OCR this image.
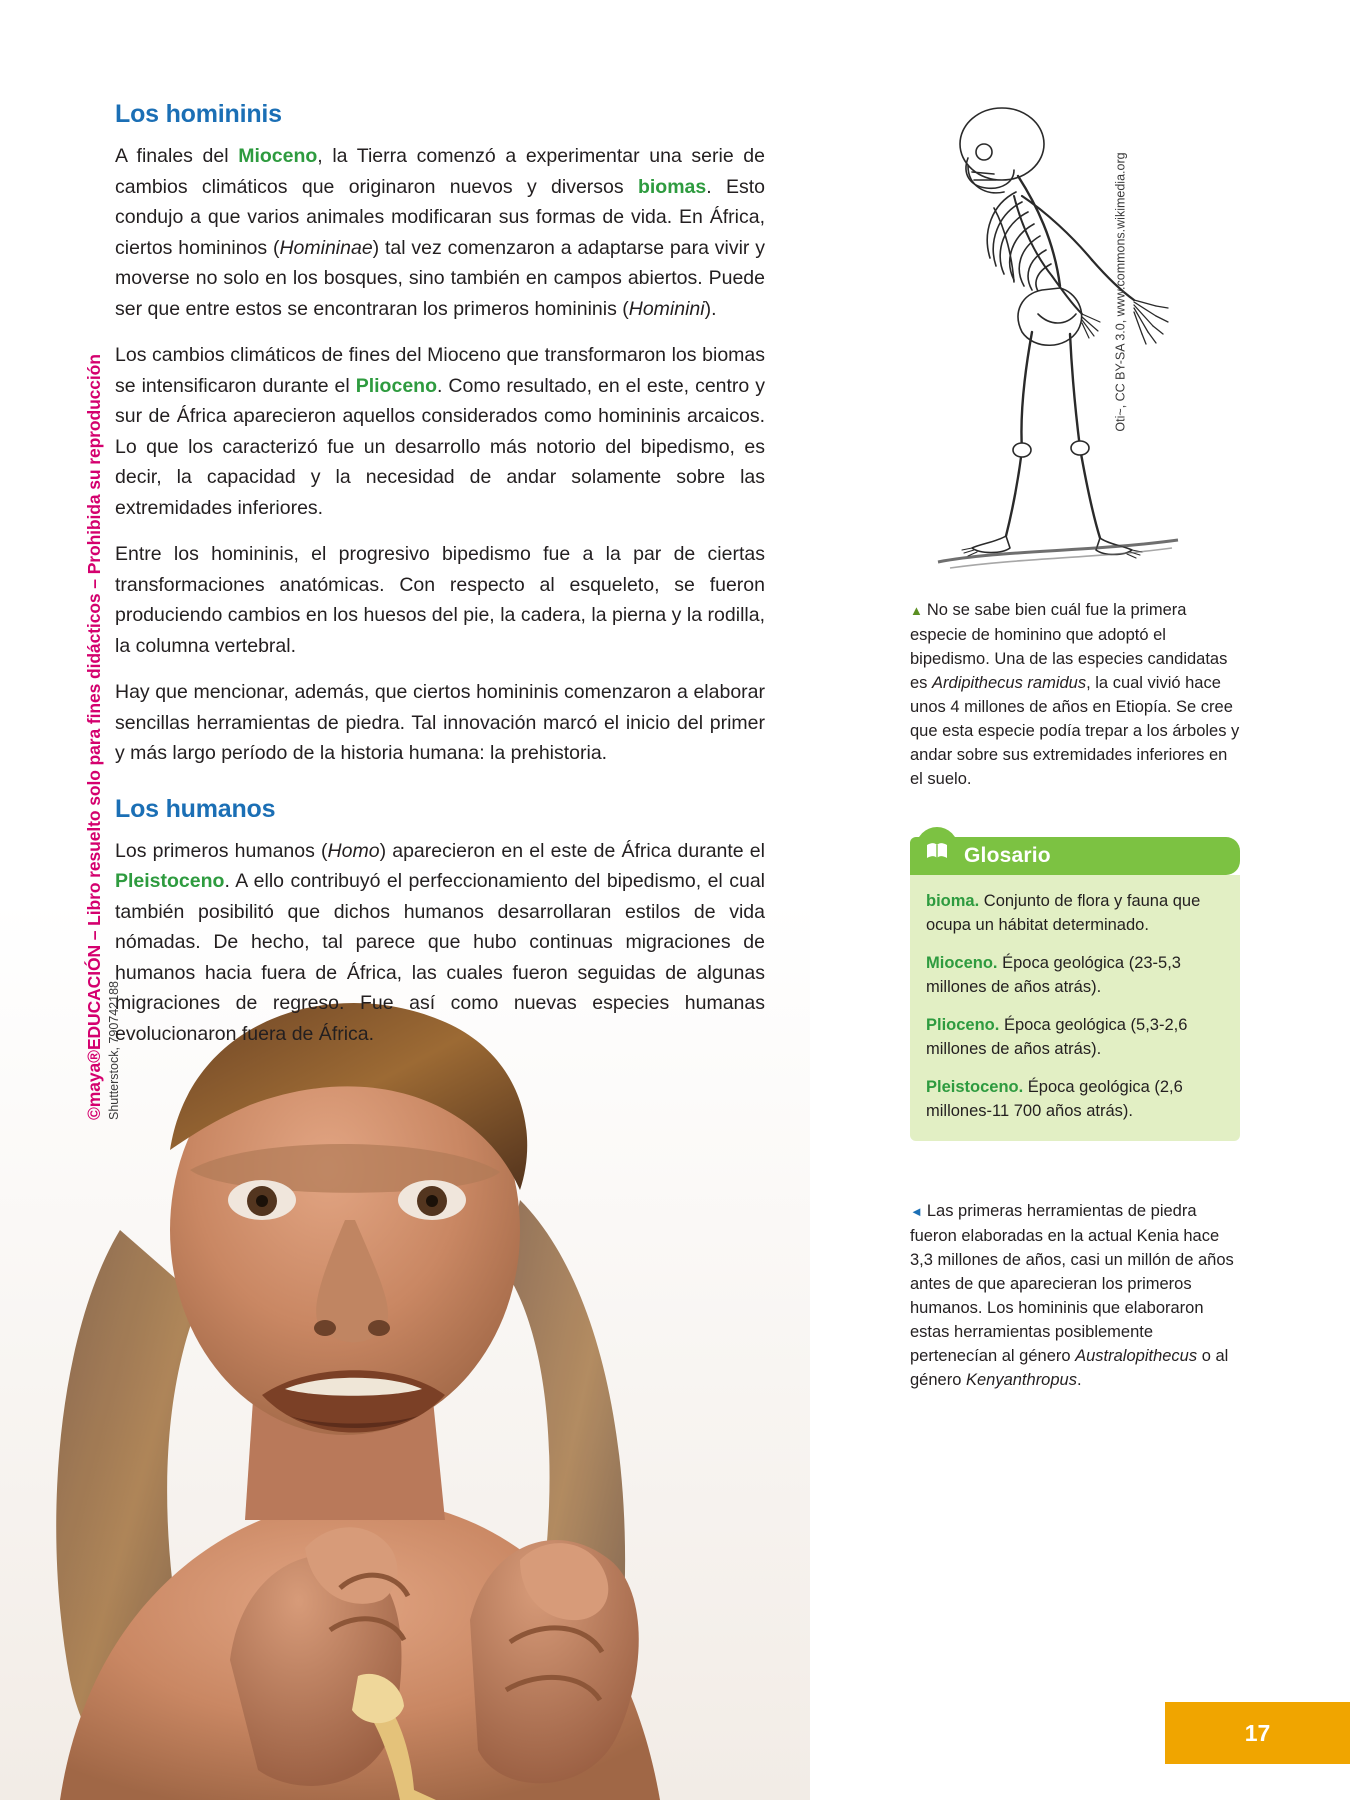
©maya®EDUCACIÓN – Libro resuelto solo para fines didácticos – Prohibida su reproducción Shutterstock, 790742188.
Los homininis

A finales del Mioceno, la Tierra comenzó a experimentar una serie de cambios climáticos que originaron nuevos y diversos biomas. Esto condujo a que varios animales modificaran sus formas de vida. En África, ciertos homininos (Homininae) tal vez comenzaron a adaptarse para vivir y moverse no solo en los bosques, sino también en campos abiertos. Puede ser que entre estos se encontraran los primeros homininis (Hominini).

Los cambios climáticos de fines del Mioceno que transformaron los biomas se intensificaron durante el Plioceno. Como resultado, en el este, centro y sur de África aparecieron aquellos considerados como homininis arcaicos. Lo que los caracterizó fue un desarrollo más notorio del bipedismo, es decir, la capacidad y la necesidad de andar solamente sobre las extremidades inferiores.

Entre los homininis, el progresivo bipedismo fue a la par de ciertas transformaciones anatómicas. Con respecto al esqueleto, se fueron produciendo cambios en los huesos del pie, la cadera, la pierna y la rodilla, la columna vertebral.

Hay que mencionar, además, que ciertos homininis comenzaron a elaborar sencillas herramientas de piedra. Tal innovación marcó el inicio del primer y más largo período de la historia humana: la prehistoria.

Los humanos

Los primeros humanos (Homo) aparecieron en el este de África durante el Pleistoceno. A ello contribuyó el perfeccionamiento del bipedismo, el cual también posibilitó que dichos humanos desarrollaran estilos de vida nómadas. De hecho, tal parece que hubo continuas migraciones de humanos hacia fuera de África, las cuales fueron seguidas de algunas migraciones de regreso. Fue así como nuevas especies humanas evolucionaron fuera de África.

Oti~, CC BY-SA 3.0, www.commons.wikimedia.org
▲ No se sabe bien cuál fue la primera especie de hominino que adoptó el bipedismo. Una de las especies candidatas es Ardipithecus ramidus, la cual vivió hace unos 4 millones de años en Etiopía. Se cree que esta especie podía trepar a los árboles y andar sobre sus extremidades inferiores en el suelo.
Glosario

bioma. Conjunto de flora y fauna que ocupa un hábitat determinado.

Mioceno. Época geológica (23-5,3 millones de años atrás).

Plioceno. Época geológica (5,3-2,6 millones de años atrás).

Pleistoceno. Época geológica (2,6 millones-11 700 años atrás).

◄ Las primeras herramientas de piedra fueron elaboradas en la actual Kenia hace 3,3 millones de años, casi un millón de años antes de que aparecieran los primeros humanos. Los homininis que elaboraron estas herramientas posiblemente pertenecían al género Australopithecus o al género Kenyanthropus.
17
